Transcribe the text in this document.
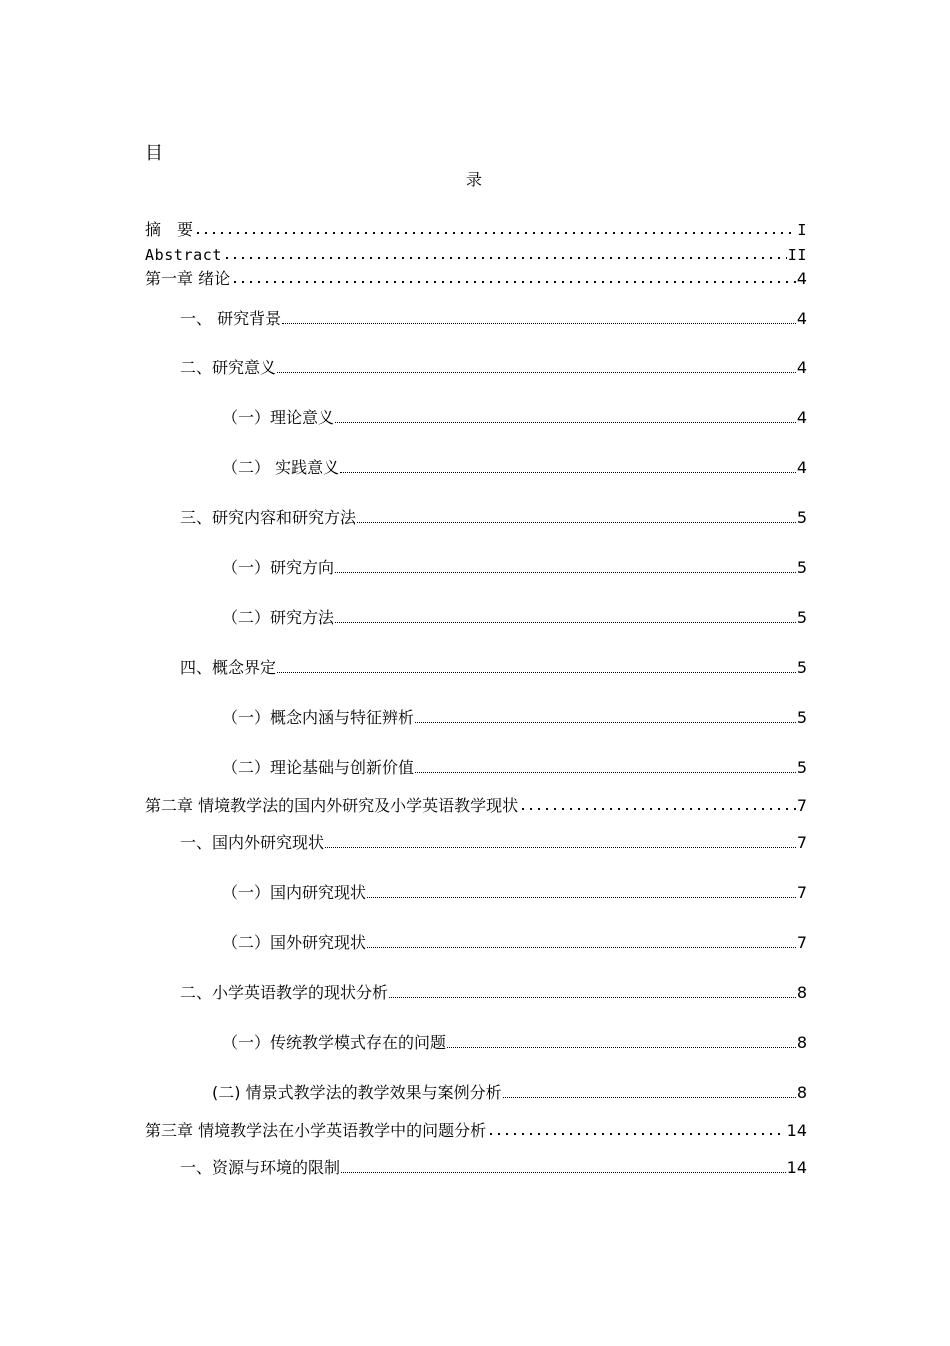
目
录
摘　要	I
Abstract	II
第一章 绪论	4
一、 研究背景	4
二、研究意义	4
（一）理论意义	4
（二） 实践意义	4
三、研究内容和研究方法	5
（一）研究方向	5
（二）研究方法	5
四、概念界定	5
（一）概念内涵与特征辨析	5
（二）理论基础与创新价值	5
第二章 情境教学法的国内外研究及小学英语教学现状	7
一、国内外研究现状	7
（一）国内研究现状	7
（二）国外研究现状	7
二、小学英语教学的现状分析	8
（一）传统教学模式存在的问题	8
(二) 情景式教学法的教学效果与案例分析	8
第三章 情境教学法在小学英语教学中的问题分析	14
一、资源与环境的限制	14
